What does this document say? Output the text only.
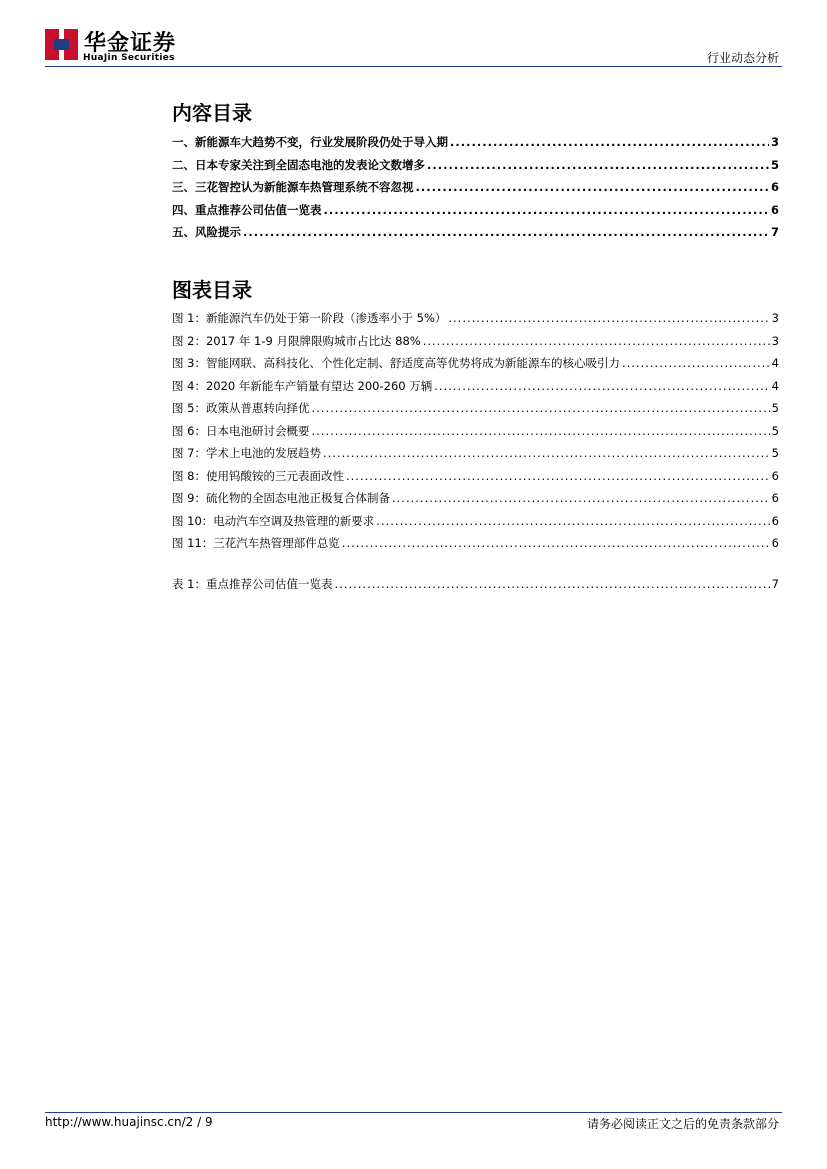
华金证券
HuaJin Securities	行业动态分析
内容目录
一、新能源车大趋势不变，行业发展阶段仍处于导入期 .....	3
二、日本专家关注到全固态电池的发表论文数增多 .....	5
三、三花智控认为新能源车热管理系统不容忽视 .....	6
四、重点推荐公司估值一览表 .....	6
五、风险提示 .....	7
图表目录
图 1：新能源汽车仍处于第一阶段（渗透率小于 5%） .....	3
图 2：2017 年 1-9 月限牌限购城市占比达 88% .....	3
图 3：智能网联、高科技化、个性化定制、舒适度高等优势将成为新能源车的核心吸引力 .....	4
图 4：2020 年新能车产销量有望达 200-260 万辆 .....	4
图 5：政策从普惠转向择优 .....	5
图 6：日本电池研讨会概要 .....	5
图 7：学术上电池的发展趋势 .....	5
图 8：使用钨酸铵的三元表面改性 .....	6
图 9：硫化物的全固态电池正极复合体制备 .....	6
图 10：电动汽车空调及热管理的新要求 .....	6
图 11：三花汽车热管理部件总览 .....	6
表 1：重点推荐公司估值一览表 .....	7
http://www.huajinsc.cn/2 / 9	请务必阅读正文之后的免责条款部分
